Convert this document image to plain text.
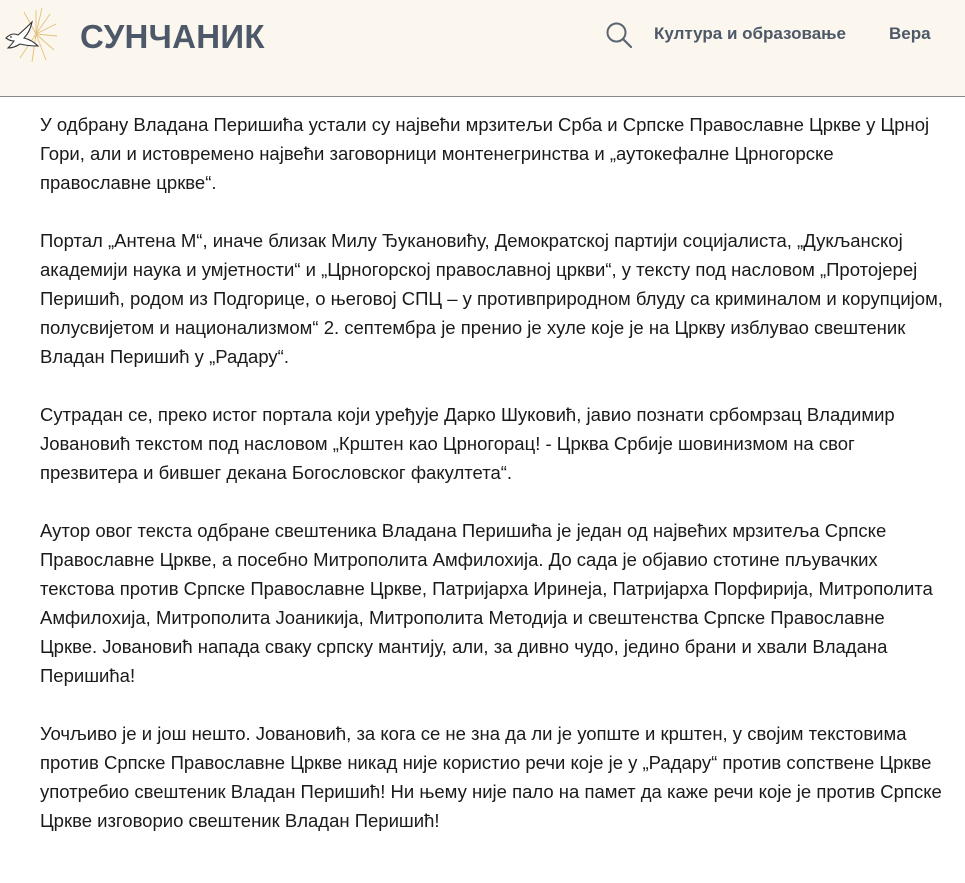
СУНЧАНИК	Култура и образовање	Вера

У одбрану Владана Перишића устали су највећи мрзитељи Срба и Српске Православне Цркве у Црној Гори, али и истовремено највећи заговорници монтенегринства и „аутокефалне Црногорске православне цркве“.

Портал „Антена М“, иначе близак Милу Ђукановићу, Демократској партији социјалиста, „Дукљанској академији наука и умјетности“ и „Црногорској православној цркви“, у тексту под насловом „Протојереј Перишић, родом из Подгорице, о његовој СПЦ – у противприродном блуду са криминалом и корупцијом, полусвијетом и национализмом“ 2. септембра је пренио је хуле које је на Цркву изблувао свештеник Владан Перишић у „Радару“.

Сутрадан се, преко истог портала који уређује Дарко Шуковић, јавио познати србомрзац Владимир Јовановић текстом под насловом „Крштен као Црногорац! - Црква Србије шовинизмом на свог презвитера и бившег декана Богословског факултета“.

Аутор овог текста одбране свештеника Владана Перишића је један од највећих мрзитеља Српске Православне Цркве, а посебно Митрополита Амфилохија. До сада је објавио стотине пљувачких текстова против Српске Православне Цркве, Патријарха Иринеја, Патријарха Порфирија, Митрополита Амфилохија, Митрополита Јоаникија, Митрополита Методија и свештенства Српске Православне Цркве. Јовановић напада сваку српску мантију, али, за дивно чудо, једино брани и хвали Владана Перишића!

Уочљиво је и још нешто. Јовановић, за кога се не зна да ли је уопште и крштен, у својим текстовима против Српске Православне Цркве никад није користио речи које је у „Радару“ против сопствене Цркве употребио свештеник Владан Перишић! Ни њему није пало на памет да каже речи које је против Српске Цркве изговорио свештеник Владан Перишић!
